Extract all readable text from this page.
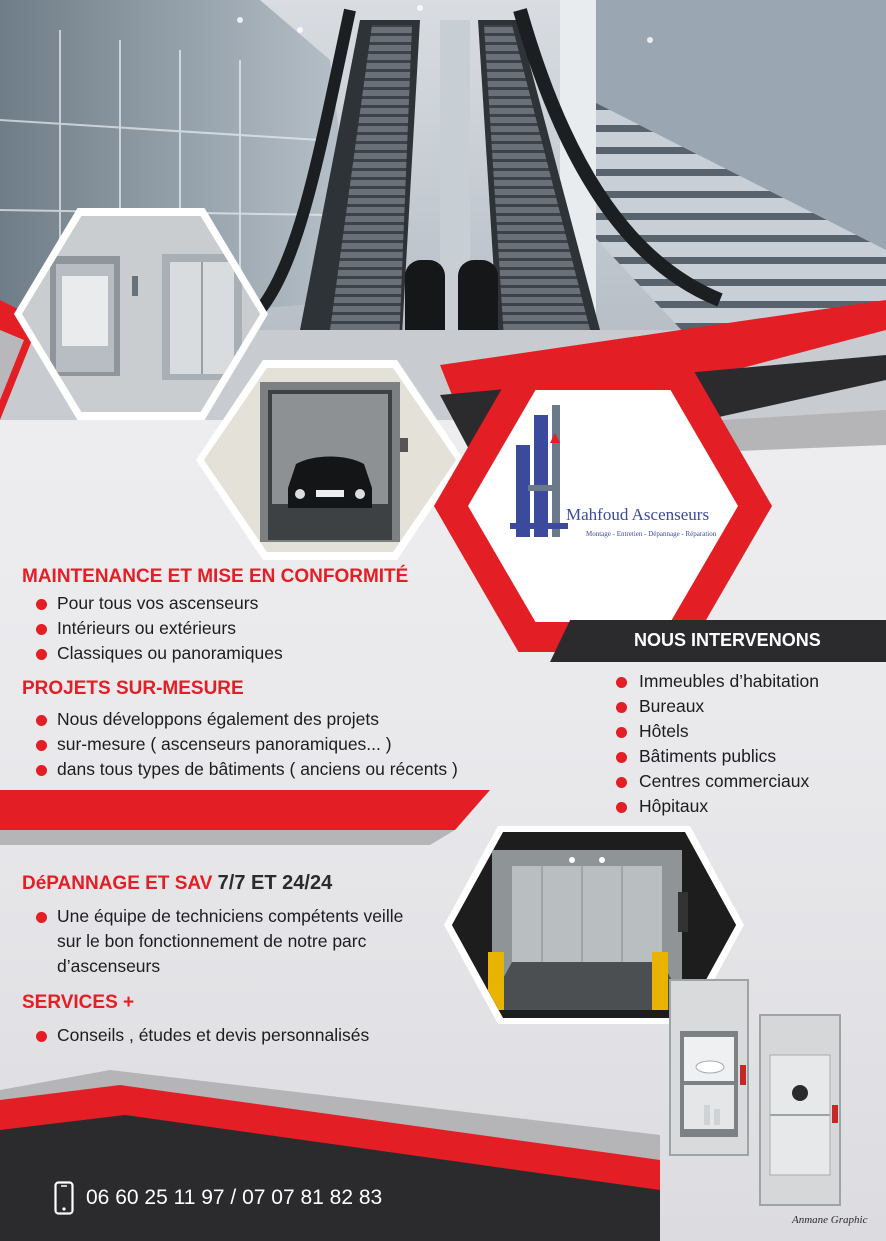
Mahfoud Ascenseurs
Montage - Entretien - Dépannage - Réparation
MAINTENANCE ET MISE EN CONFORMITÉ
Pour tous vos ascenseurs
Intérieurs ou extérieurs
Classiques ou panoramiques
PROJETS SUR-MESURE
Nous développons également des projets
sur-mesure ( ascenseurs panoramiques... )
dans tous types de bâtiments ( anciens ou récents )
NOUS INTERVENONS
Immeubles d’habitation
Bureaux
Hôtels
Bâtiments publics
Centres commerciaux
Hôpitaux
DéPANNAGE ET SAV 7/7 ET 24/24
Une équipe de techniciens compétents veille sur le bon fonctionnement de notre parc d’ascenseurs
SERVICES +
Conseils , études et devis personnalisés
06 60 25 11 97 / 07 07 81 82 83
Anmane Graphic
